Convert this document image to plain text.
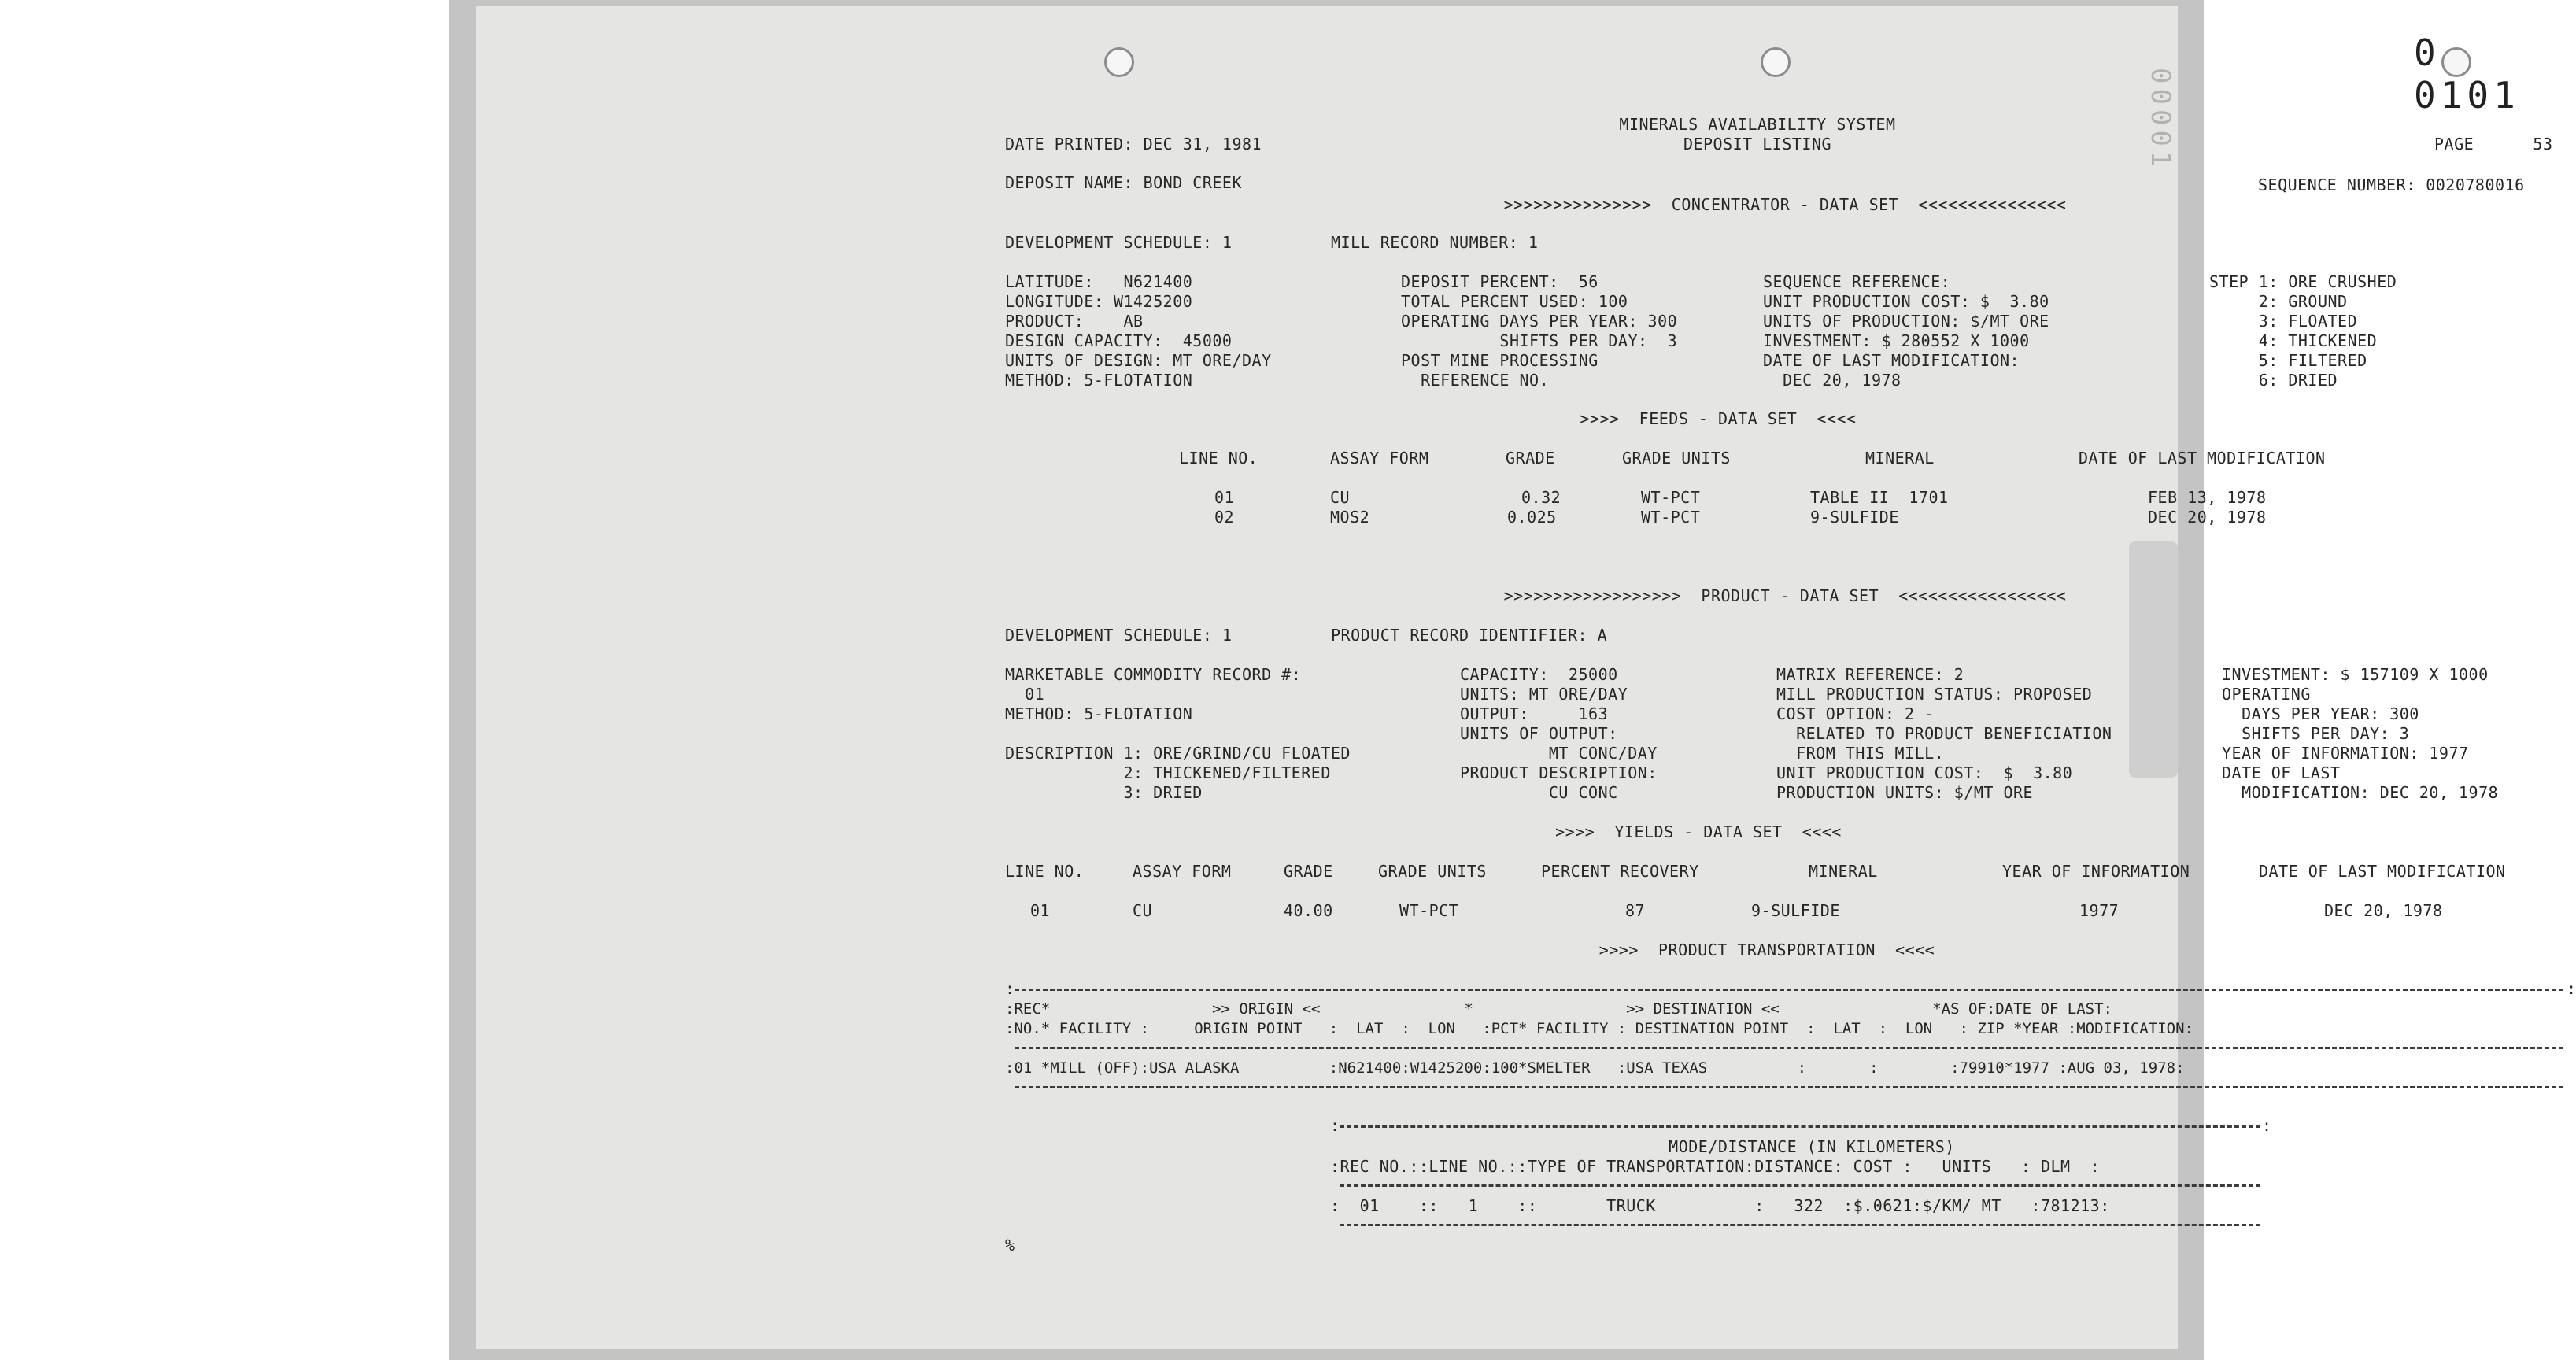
0 0101
00001
MINERALS AVAILABILITY SYSTEM
DEPOSIT LISTING
DATE PRINTED: DEC 31, 1981	PAGE      53
DEPOSIT NAME: BOND CREEK	SEQUENCE NUMBER: 0020780016
>>>>>>>>>>>>>>>  CONCENTRATOR - DATA SET  <<<<<<<<<<<<<<<
DEVELOPMENT SCHEDULE: 1	MILL RECORD NUMBER: 1
LATITUDE:   N621400
LONGITUDE: W1425200
PRODUCT:    AB
DESIGN CAPACITY:  45000
UNITS OF DESIGN: MT ORE/DAY
METHOD: 5-FLOTATION
DEPOSIT PERCENT:  56
TOTAL PERCENT USED: 100
OPERATING DAYS PER YEAR: 300
SHIFTS PER DAY:  3
POST MINE PROCESSING
REFERENCE NO.
SEQUENCE REFERENCE:
UNIT PRODUCTION COST: $  3.80
UNITS OF PRODUCTION: $/MT ORE
INVESTMENT: $ 280552 X 1000
DATE OF LAST MODIFICATION:
DEC 20, 1978
STEP 1: ORE CRUSHED
2: GROUND
3: FLOATED
4: THICKENED
5: FILTERED
6: DRIED
>>>>  FEEDS - DATA SET  <<<<
LINE NO.	ASSAY FORM	GRADE	GRADE UNITS	MINERAL	DATE OF LAST MODIFICATION
01	CU	0.32	WT-PCT	TABLE II  1701	FEB 13, 1978
02	MOS2	0.025	WT-PCT	9-SULFIDE	DEC 20, 1978
>>>>>>>>>>>>>>>>>>  PRODUCT - DATA SET  <<<<<<<<<<<<<<<<<
DEVELOPMENT SCHEDULE: 1	PRODUCT RECORD IDENTIFIER: A
MARKETABLE COMMODITY RECORD #:
01
METHOD: 5-FLOTATION
DESCRIPTION 1: ORE/GRIND/CU FLOATED
2: THICKENED/FILTERED
3: DRIED
CAPACITY:  25000
UNITS: MT ORE/DAY
OUTPUT:     163
UNITS OF OUTPUT:
MT CONC/DAY
PRODUCT DESCRIPTION:
CU CONC
MATRIX REFERENCE: 2
MILL PRODUCTION STATUS: PROPOSED
COST OPTION: 2 -
RELATED TO PRODUCT BENEFICIATION
FROM THIS MILL.
UNIT PRODUCTION COST:  $  3.80
PRODUCTION UNITS: $/MT ORE
INVESTMENT: $ 157109 X 1000
OPERATING
DAYS PER YEAR: 300
SHIFTS PER DAY: 3
YEAR OF INFORMATION: 1977
DATE OF LAST
MODIFICATION: DEC 20, 1978
>>>>  YIELDS - DATA SET  <<<<
LINE NO.	ASSAY FORM	GRADE	GRADE UNITS	PERCENT RECOVERY	MINERAL	YEAR OF INFORMATION	DATE OF LAST MODIFICATION
01	CU	40.00	WT-PCT	87	9-SULFIDE	1977	DEC 20, 1978
>>>>  PRODUCT TRANSPORTATION  <<<<
:	:
:REC*                  >> ORIGIN <<                *                 >> DESTINATION <<                 *AS OF:DATE OF LAST:
:NO.* FACILITY :     ORIGIN POINT   :  LAT  :  LON   :PCT* FACILITY : DESTINATION POINT  :  LAT  :  LON   : ZIP *YEAR :MODIFICATION:
:01 *MILL (OFF):USA ALASKA          :N621400:W1425200:100*SMELTER   :USA TEXAS          :       :        :79910*1977 :AUG 03, 1978:
:	:
MODE/DISTANCE (IN KILOMETERS)
:REC NO.::LINE NO.::TYPE OF TRANSPORTATION:DISTANCE: COST :   UNITS   : DLM  :
:  01    ::   1    ::       TRUCK          :   322  :$.0621:$/KM/ MT   :781213:
%
